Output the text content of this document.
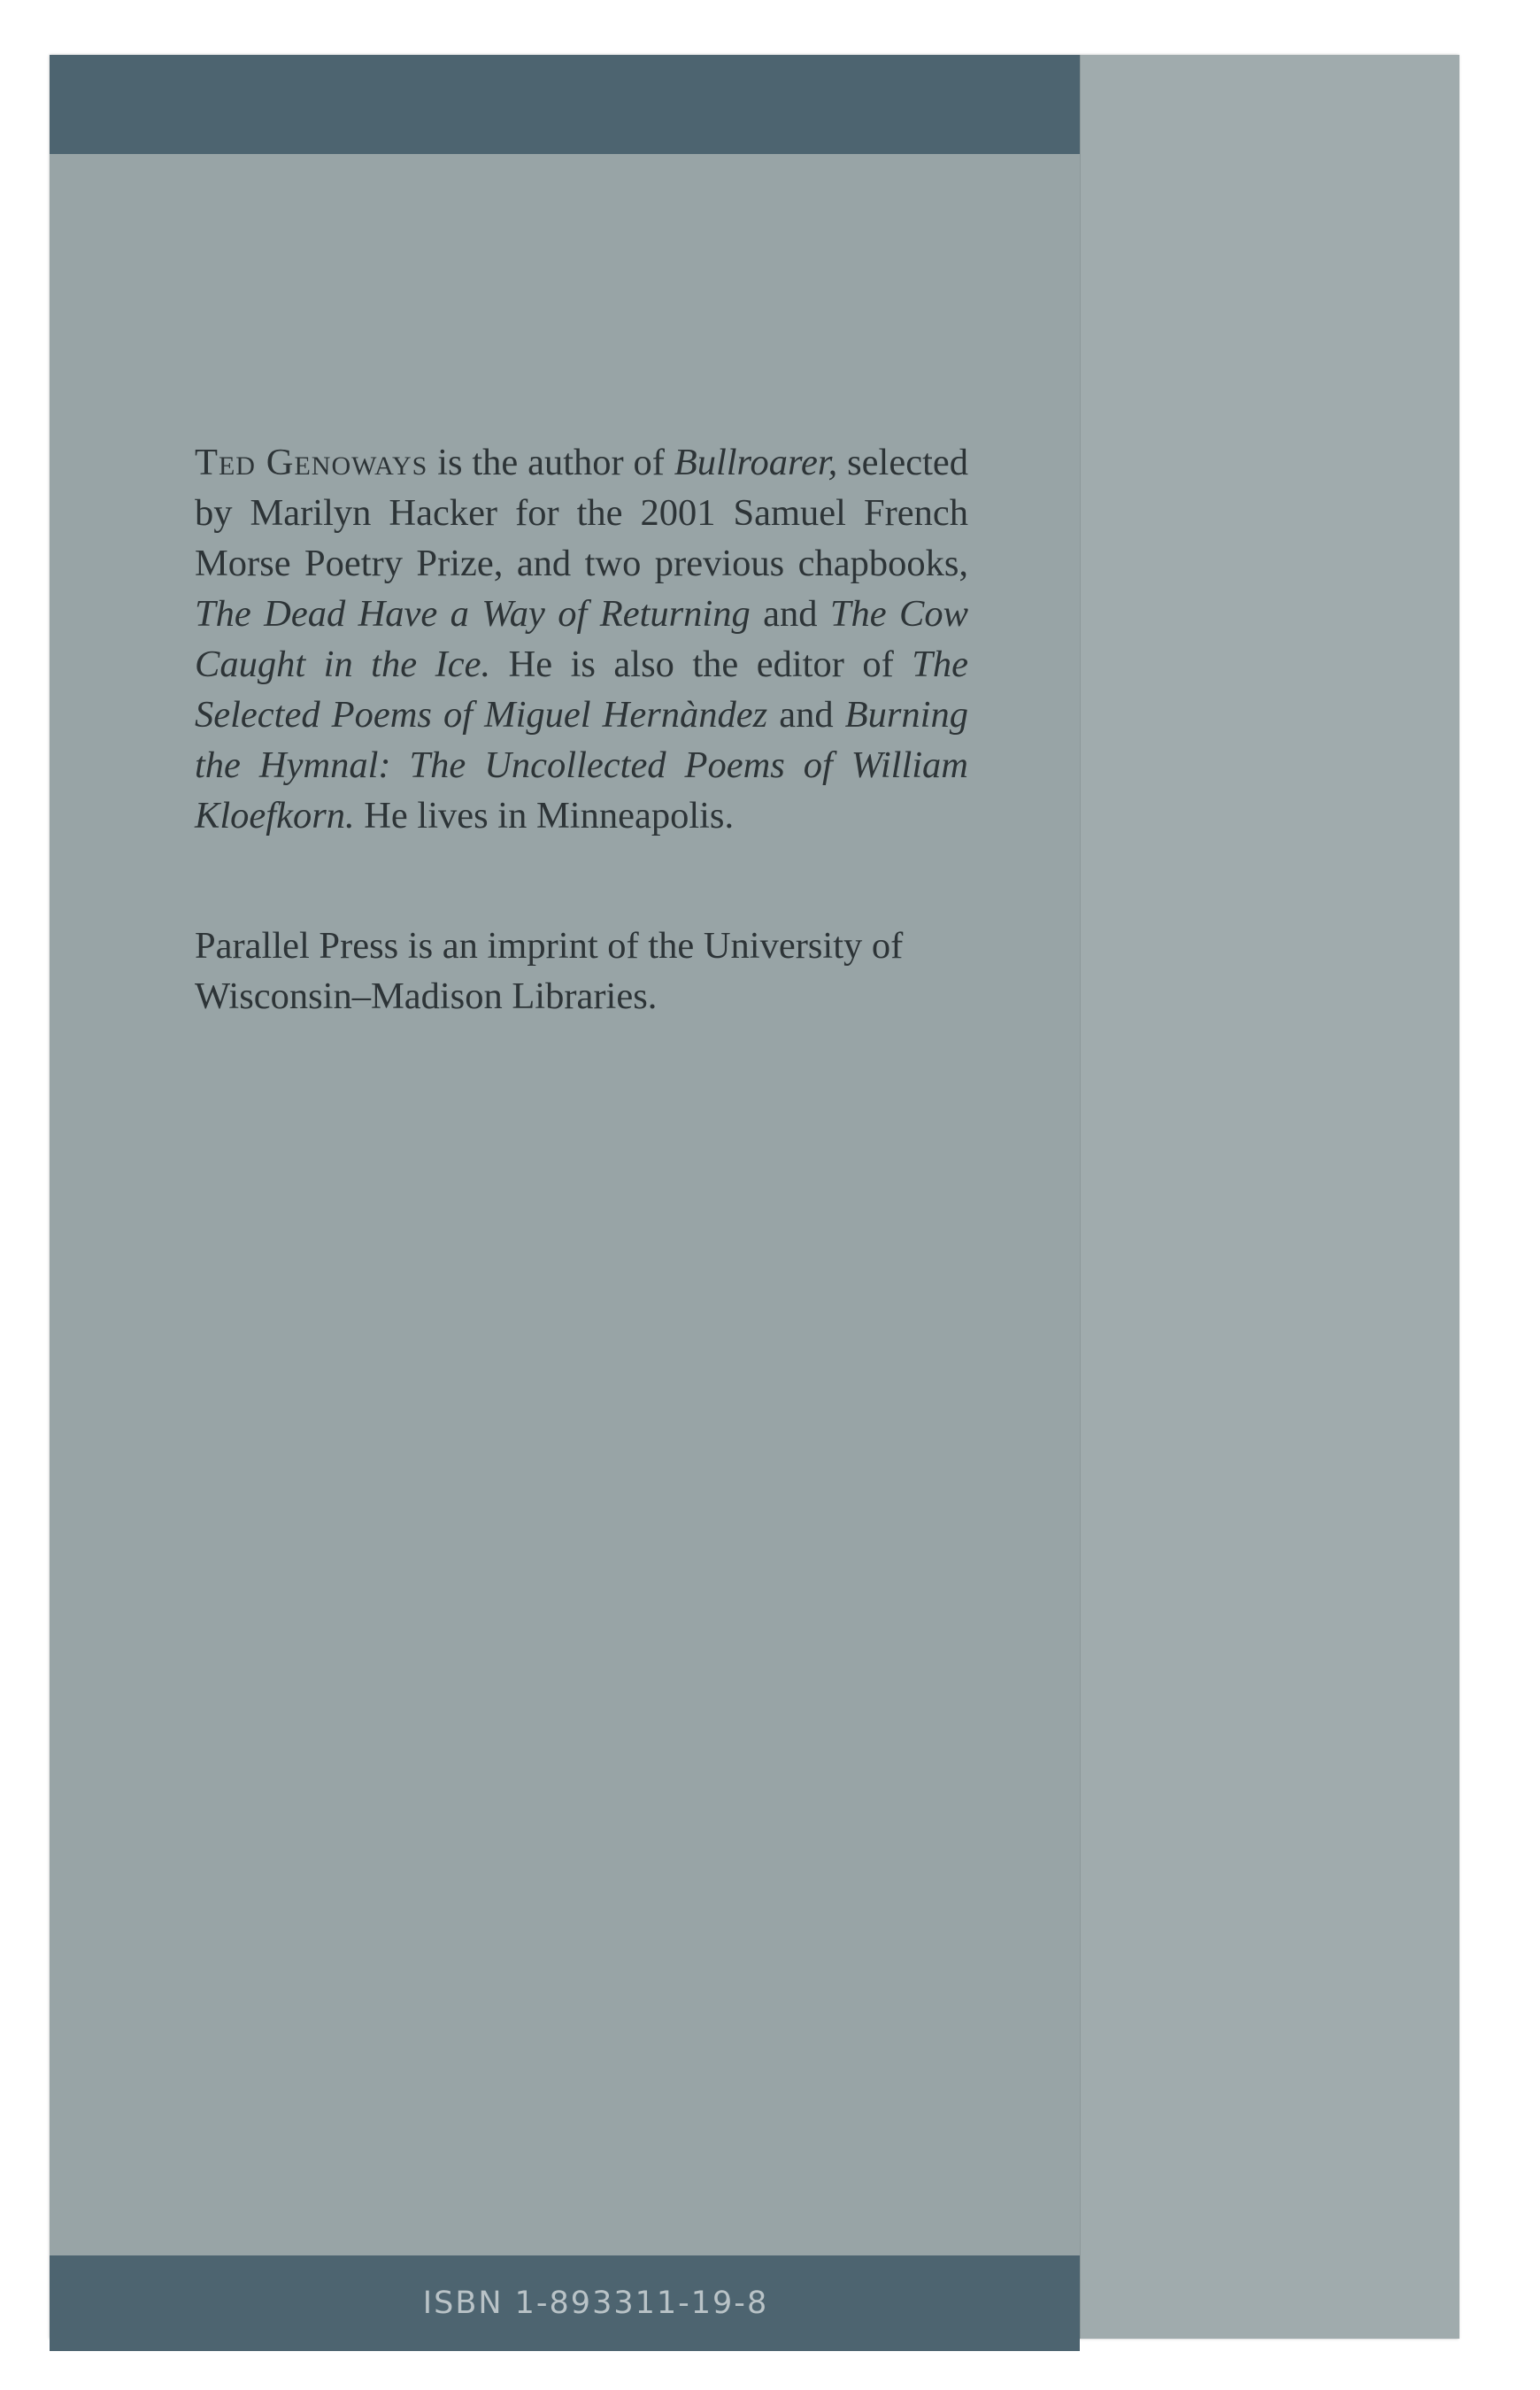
Ted Genoways is the author of Bullroarer, selected by Marilyn Hacker for the 2001 Samuel French Morse Poetry Prize, and two previous chapbooks, The Dead Have a Way of Returning and The Cow Caught in the Ice. He is also the editor of The Selected Poems of Miguel Hernàndez and Burning the Hymnal: The Uncollected Poems of William Kloefkorn. He lives in Minneapolis.

Parallel Press is an imprint of the University of Wisconsin–Madison Libraries.

ISBN 1-893311-19-8
